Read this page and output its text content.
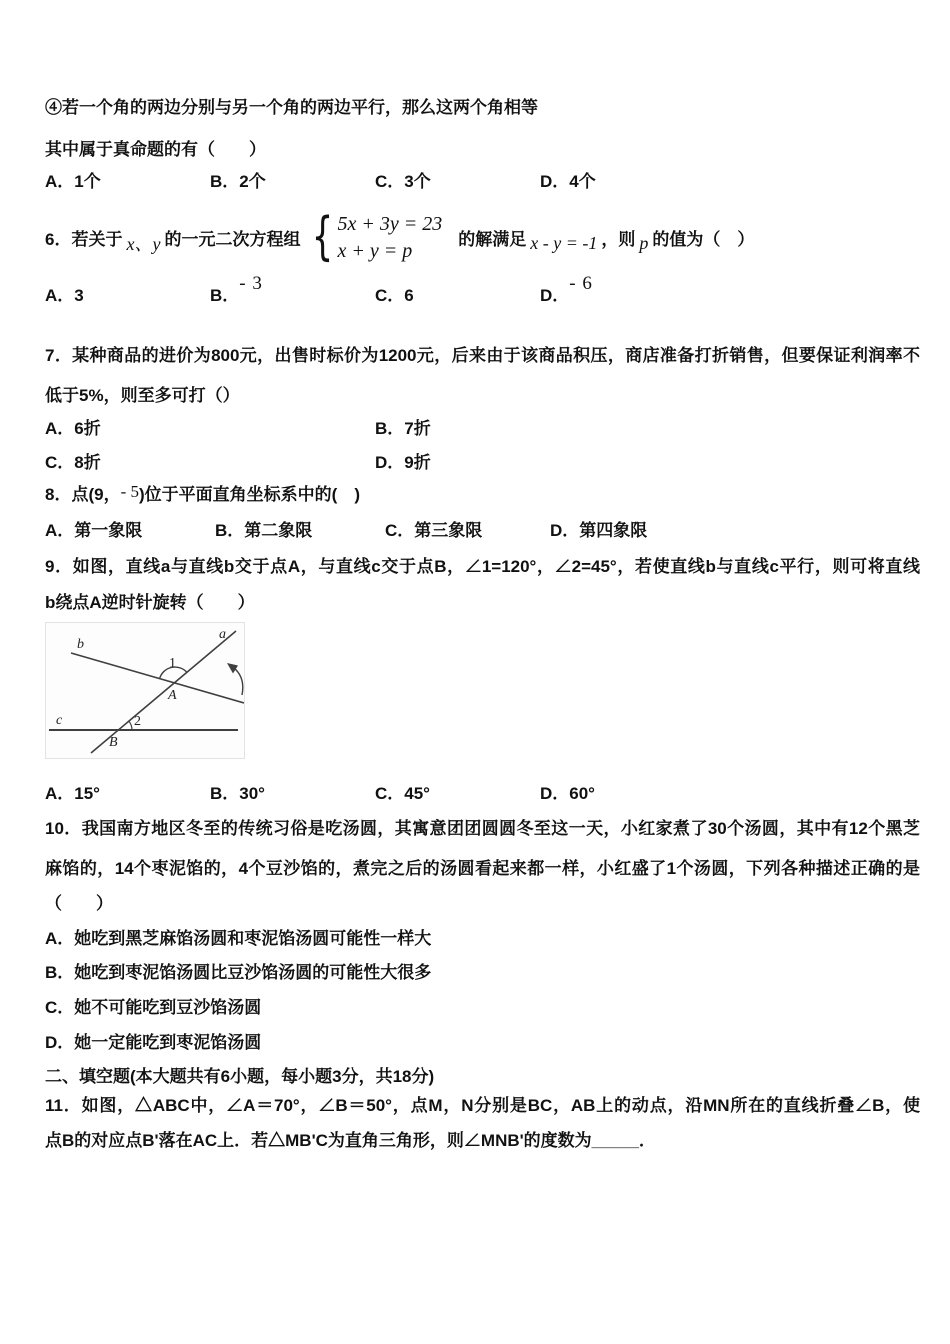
④若一个角的两边分别与另一个角的两边平行，那么这两个角相等
其中属于真命题的有（　　）
A．1个	B．2个	C．3个	D．4个
6．若关于 x、y 的一元二次方程组 { 5x + 3y = 23
x + y = p
的解满足 x - y = -1 ，则 p 的值为（　）
A．3	B．- 3
C．6	D．- 6
7．某种商品的进价为800元，出售时标价为1200元，后来由于该商品积压，商店准备打折销售，但要保证利润率不
低于5%，则至多可打（）
A．6折	B．7折
C．8折	D．9折
8．点(9，- 5)位于平面直角坐标系中的(　)
A．第一象限	B．第二象限	C．第三象限	D．第四象限
9．如图，直线a与直线b交于点A，与直线c交于点B，∠1=120°，∠2=45°，若使直线b与直线c平行，则可将直线
b绕点A逆时针旋转（　　）
a
b
c
A
B
1
2
A．15°	B．30°	C．45°	D．60°
10．我国南方地区冬至的传统习俗是吃汤圆，其寓意团团圆圆冬至这一天，小红家煮了30个汤圆，其中有12个黑芝
麻馅的，14个枣泥馅的，4个豆沙馅的，煮完之后的汤圆看起来都一样，小红盛了1个汤圆，下列各种描述正确的是
（　　）
A．她吃到黑芝麻馅汤圆和枣泥馅汤圆可能性一样大
B．她吃到枣泥馅汤圆比豆沙馅汤圆的可能性大很多
C．她不可能吃到豆沙馅汤圆
D．她一定能吃到枣泥馅汤圆
二、填空题(本大题共有6小题，每小题3分，共18分)
11．如图，△ABC中，∠A＝70°，∠B＝50°，点M，N分别是BC，AB上的动点，沿MN所在的直线折叠∠B，使
点B的对应点B'落在AC上．若△MB'C为直角三角形，则∠MNB'的度数为_____．
